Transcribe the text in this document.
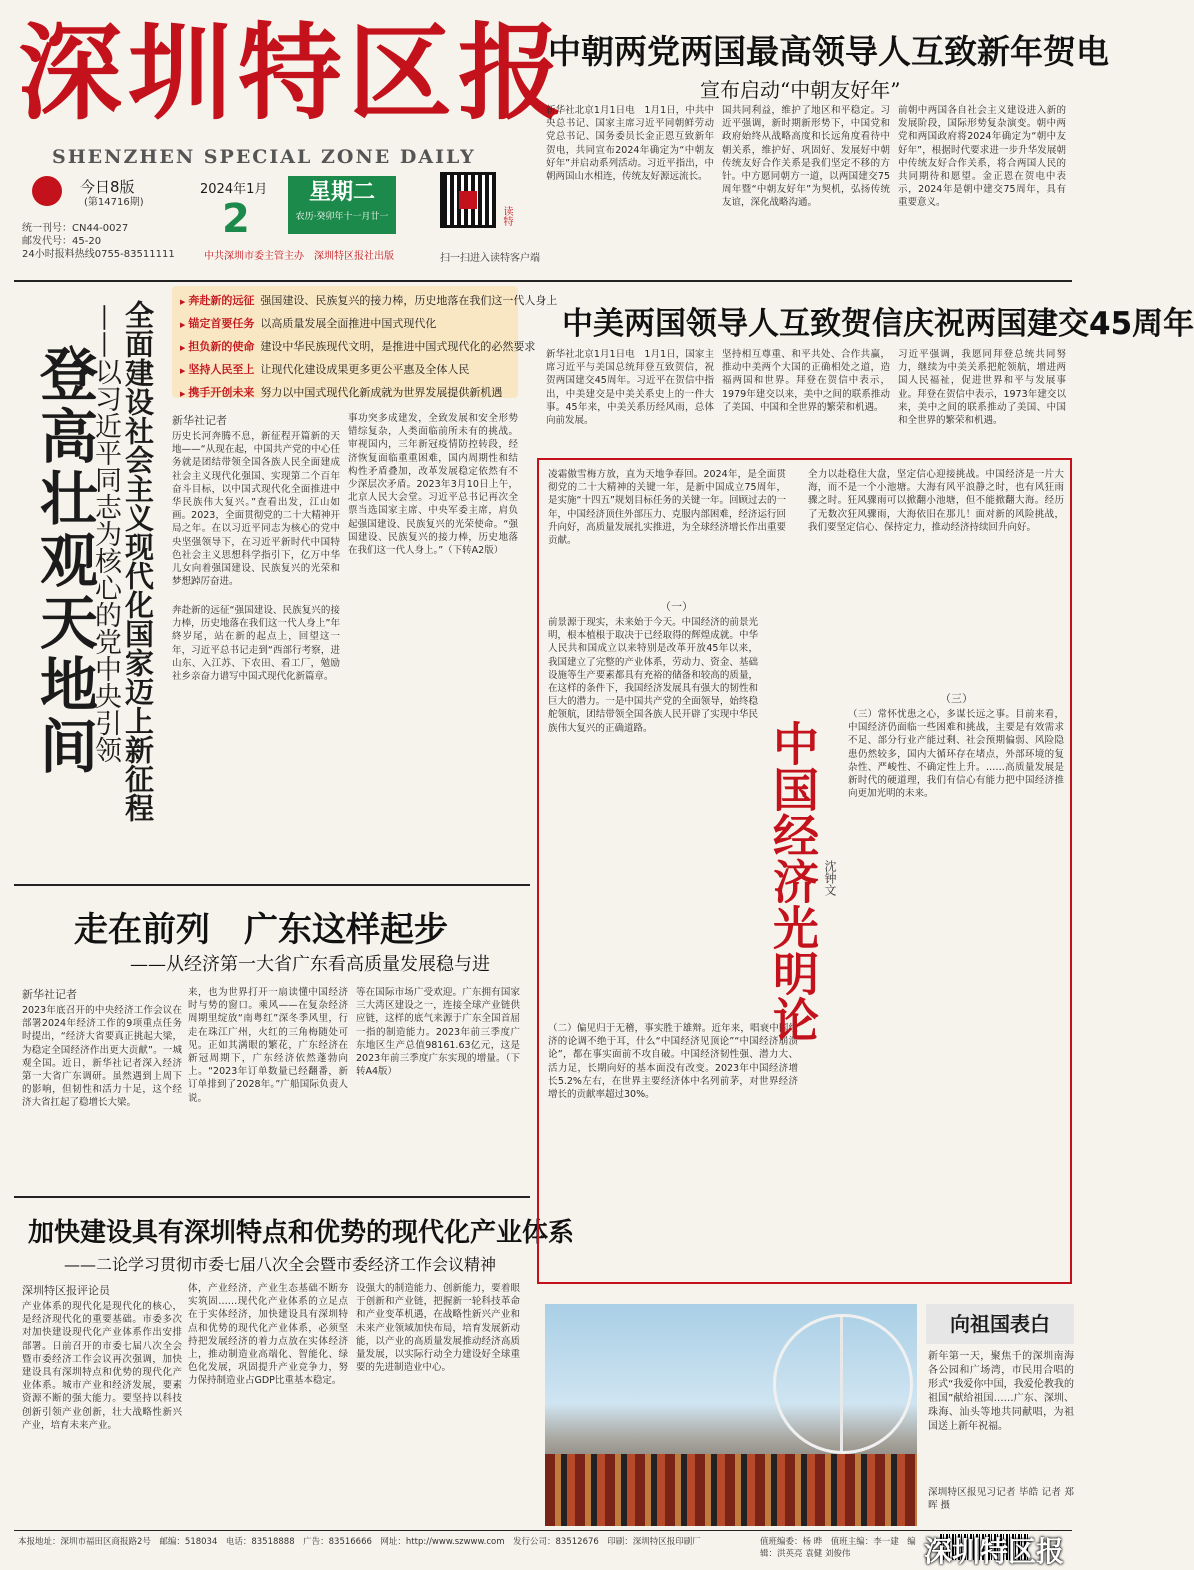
深圳特区报
SHENZHEN SPECIAL ZONE DAILY
今日8版
(第14716期)
统一刊号：CN44-0027
邮发代号：45-20
24小时报料热线0755-83511111
2024年1月
2
星期二
农历·癸卯年十一月廿一
中共深圳市委主管主办　深圳特区报社出版
读特
扫一扫进入读特客户端
中朝两党两国最高领导人互致新年贺电
宣布启动“中朝友好年”
新华社北京1月1日电　1月1日，中共中央总书记、国家主席习近平同朝鲜劳动党总书记、国务委员长金正恩互致新年贺电，共同宣布2024年确定为“中朝友好年”并启动系列活动。习近平指出，中朝两国山水相连，传统友好源远流长。
国共同利益，维护了地区和平稳定。习近平强调，新时期新形势下，中国党和政府始终从战略高度和长远角度看待中朝关系，维护好、巩固好、发展好中朝传统友好合作关系是我们坚定不移的方针。中方愿同朝方一道，以两国建交75周年暨“中朝友好年”为契机，弘扬传统友谊，深化战略沟通。
前朝中两国各自社会主义建设进入新的发展阶段，国际形势复杂演变。朝中两党和两国政府将2024年确定为“朝中友好年”，根据时代要求进一步升华发展朝中传统友好合作关系，将合两国人民的共同期待和愿望。金正恩在贺电中表示，2024年是朝中建交75周年，具有重要意义。
中美两国领导人互致贺信庆祝两国建交45周年
新华社北京1月1日电　1月1日，国家主席习近平与美国总统拜登互致贺信，祝贺两国建交45周年。习近平在贺信中指出，中美建交是中美关系史上的一件大事。45年来，中美关系历经风雨，总体向前发展。
坚持相互尊重、和平共处、合作共赢，推动中美两个大国的正确相处之道，造福两国和世界。拜登在贺信中表示，1979年建交以来，美中之间的联系推动了美国、中国和全世界的繁荣和机遇。
习近平强调，我愿同拜登总统共同努力，继续为中美关系把舵领航，增进两国人民福祉，促进世界和平与发展事业。拜登在贺信中表示，1973年建交以来，美中之间的联系推动了美国、中国和全世界的繁荣和机遇。
登高壮观天地间 全面建设社会主义现代化国家迈上新征程
——以习近平同志为核心的党中央引领
▶ 奔赴新的远征 强国建设、民族复兴的接力棒，历史地落在我们这一代人身上
▶ 锚定首要任务 以高质量发展全面推进中国式现代化
▶ 担负新的使命 建设中华民族现代文明，是推进中国式现代化的必然要求
▶ 坚持人民至上 让现代化建设成果更多更公平惠及全体人民
▶ 携手开创未来 努力以中国式现代化新成就为世界发展提供新机遇
新华社记者
历史长河奔腾不息，新征程开篇新的天地——“从现在起，中国共产党的中心任务就是团结带领全国各族人民全面建成社会主义现代化强国、实现第二个百年奋斗目标，以中国式现代化全面推进中华民族伟大复兴。”查看出发，江山如画。2023，全面贯彻党的二十大精神开局之年。在以习近平同志为核心的党中央坚强领导下，在习近平新时代中国特色社会主义思想科学指引下，亿万中华儿女向着强国建设、民族复兴的光荣和梦想踔厉奋进。
奔赴新的远征“强国建设、民族复兴的接力棒，历史地落在我们这一代人身上”年終岁尾，站在新的起点上，回望这一年，习近平总书记走到“西部行考察，进山东、入江苏、下农田、看工厂，勉励社乡亲奋力谱写中国式现代化新篇章。
事功突多成建发，全致发展和安全形势错综复杂，人类面临前所未有的挑战。审视国内，三年新冠疫情防控转段，经济恢复面临重重困难，国内周期性和结构性矛盾叠加，改革发展稳定依然有不少深层次矛盾。2023年3月10日上午，北京人民大会堂。习近平总书记再次全票当选国家主席、中央军委主席，肩负起强国建设、民族复兴的光荣使命。“强国建设、民族复兴的接力棒，历史地落在我们这一代人身上。”（下转A2版）
走在前列　广东这样起步
——从经济第一大省广东看高质量发展稳与进
新华社记者
2023年底召开的中央经济工作会议在部署2024年经济工作的9项重点任务时提出，“经济大省要真正挑起大梁，为稳定全国经济作出更大贡献”。一城观全国。近日，新华社记者深入经济第一大省广东调研。虽然遇到上周下的影响，但韧性和活力十足，这个经济大省扛起了稳增长大梁。
来，也为世界打开一扇读懂中国经济时与势的窗口。乘风——在复杂经济周期里绽放“南粤红”深冬季风里，行走在珠江广州，火红的三角梅随处可见。正如其满眼的繁花，广东经济在新冠周期下，广东经济依然蓬勃向上。“2023年订单数量已经翻番，新订单排到了2028年。”广船国际负责人说。
等在国际市场广受欢迎。广东拥有国家三大湾区建设之一，连接全球产业链供应链，这样的底气来源于广东全国首屈一指的制造能力。2023年前三季度广东地区生产总值98161.63亿元，这是2023年前三季度广东实现的增量。（下转A4版）
加快建设具有深圳特点和优势的现代化产业体系
——二论学习贯彻市委七届八次全会暨市委经济工作会议精神
深圳特区报评论员
产业体系的现代化是现代化的核心，是经济现代化的重要基础。市委多次对加快建设现代化产业体系作出安排部署。日前召开的市委七届八次全会暨市委经济工作会议再次强调，加快建设具有深圳特点和优势的现代化产业体系。城市产业和经济发展，要素资源不断的强大能力。要坚持以科技创新引领产业创新，壮大战略性新兴产业，培育未来产业。
体，产业经济，产业生态基础不断夯实筑固……现代化产业体系的立足点在于实体经济，加快建设具有深圳特点和优势的现代化产业体系，必须坚持把发展经济的着力点放在实体经济上，推动制造业高端化、智能化、绿色化发展，巩固提升产业竞争力，努力保持制造业占GDP比重基本稳定。
设强大的制造能力、创新能力，要着眼于创新和产业链，把握新一轮科技革命和产业变革机遇，在战略性新兴产业和未来产业领域加快布局，培育发展新动能，以产业的高质量发展推动经济高质量发展，以实际行动全力建设好全球重要的先进制造业中心。
凌霜傲雪梅方放，直为天地争春回。2024年，是全面贯彻党的二十大精神的关键一年，是新中国成立75周年，是实施“十四五”规划目标任务的关键一年。回顾过去的一年，中国经济顶住外部压力、克服内部困难，经济运行回升向好，高质量发展扎实推进，为全球经济增长作出重要贡献。
（一）
前景源于现实，未来始于今天。中国经济的前景光明，根本植根于取决于已经取得的辉煌成就。中华人民共和国成立以来特别是改革开放45年以来，我国建立了完整的产业体系，劳动力、资金、基础设施等生产要素都具有充裕的储备和较高的质量，在这样的条件下，我国经济发展具有强大的韧性和巨大的潜力。一是中国共产党的全面领导，始终稳舵领航，团结带领全国各族人民开辟了实现中华民族伟大复兴的正确道路。
（二）偏见归于无稽，事实胜于雄辩。近年来，唱衰中国经济的论调不绝于耳，什么“中国经济见顶论”“中国经济崩溃论”，都在事实面前不攻自破。中国经济韧性强、潜力大、活力足，长期向好的基本面没有改变。2023年中国经济增长5.2%左右，在世界主要经济体中名列前茅，对世界经济增长的贡献率超过30%。
全力以赴稳住大盘，坚定信心迎接挑战。中国经济是一片大海，而不是一个小池塘。大海有风平浪静之时，也有风狂雨骤之时。狂风骤雨可以掀翻小池塘，但不能掀翻大海。经历了无数次狂风骤雨，大海依旧在那儿！面对新的风险挑战，我们要坚定信心、保持定力，推动经济持续回升向好。
（三）
（三）常怀忧患之心，多谋长远之事。目前来看，中国经济仍面临一些困难和挑战，主要是有效需求不足、部分行业产能过剩、社会预期偏弱、风险隐患仍然较多，国内大循环存在堵点，外部环境的复杂性、严峻性、不确定性上升。……高质量发展是新时代的硬道理，我们有信心有能力把中国经济推向更加光明的未来。
中国经济光明论 沈钟文
向祖国表白
新年第一天，聚焦千的深圳南海各公园和广场湾，市民用合唱的形式“我爱你中国，我爱伦教我的祖国”献给祖国……广东、深圳、珠海、汕头等地共同献唱，为祖国送上新年祝福。
深圳特区报见习记者 毕皓 记者 郑晖 摄
本报地址：深圳市福田区商报路2号　邮编：518034　电话：83518888　广告：83516666　网址：http://www.szwww.com　发行公司：83512676　印刷：深圳特区报印刷厂	值班编委：杨 晔　值班主编：李一建　编辑：洪英亮 袁健 刘俊伟	深圳特区报
